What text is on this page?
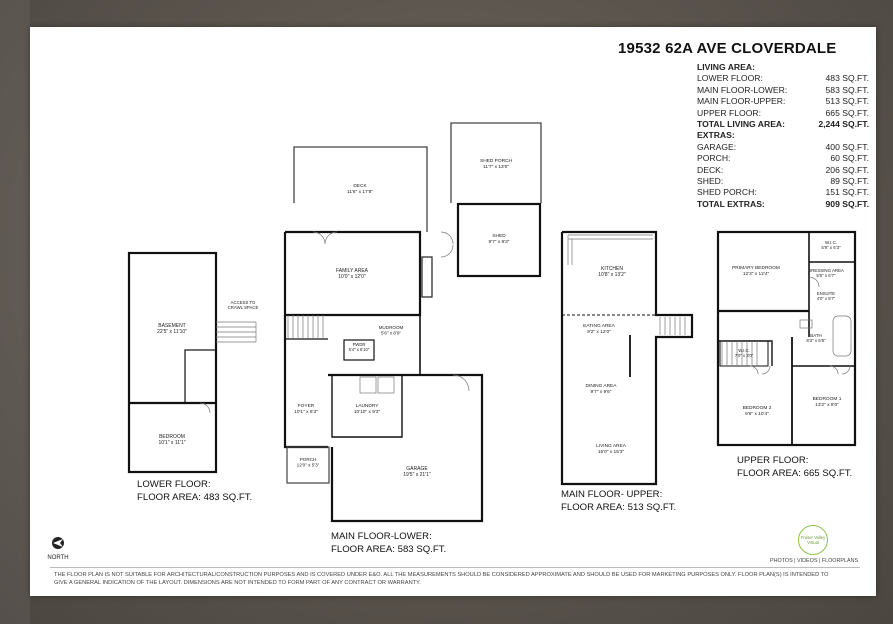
19532 62A AVE CLOVERDALE
LIVING AREA:
LOWER FLOOR:	483 SQ.FT.
MAIN FLOOR-LOWER:	583 SQ.FT.
MAIN FLOOR-UPPER:	513 SQ.FT.
UPPER FLOOR:	665 SQ.FT.
TOTAL LIVING AREA:	2,244 SQ.FT.
EXTRAS:
GARAGE:	400 SQ.FT.
PORCH:	60 SQ.FT.
DECK:	206 SQ.FT.
SHED:	89 SQ.FT.
SHED PORCH:	151 SQ.FT.
TOTAL EXTRAS:	909 SQ.FT.
BASEMENT 22'5" x 11'10"
ACCESS TO CRAWL SPACE
BEDROOM 10'1" x 11'1"
DECK 11'8" x 17'8"
SHED PORCH 11'7" x 13'0"
SHED 9'7" x 9'3"
FAMILY AREA 10'0" x 12'0"
MUDROOM 5'6" x 8'9"
PWDR 5'4" x 6'10"
FOYER 10'1" x 6'3"
LAUNDRY 10'10" x 9'3"
PORCH 12'0" x 5'3"
GARAGE 19'5" x 21'1"
KITCHEN 10'8" x 13'2"
EATING AREA 9'2" x 12'0"
DINING AREA 9'7" x 9'6"
LIVING AREA 15'0" x 15'3"
PRIMARY BEDROOM 12'3" x 12'4"
W.I.C. 5'9" x 6'3"
DRESSING AREA 5'6" x 6'7"
ENSUITE 4'0" x 5'7"
BATH 8'3" x 5'8"
W.I.C. 7'0" x 3'0"
BEDROOM 2 9'6" x 10'4"
BEDROOM 1 13'2" x 8'0"
LOWER FLOOR:
FLOOR AREA: 483 SQ.FT.
MAIN FLOOR-LOWER:
FLOOR AREA: 583 SQ.FT.
MAIN FLOOR- UPPER:
FLOOR AREA: 513 SQ.FT.
UPPER FLOOR:
FLOOR AREA: 665 SQ.FT.
NORTH
Fraser Valley
Virtual
PHOTOS | VIDEOS | FLOORPLANS
THE FLOOR PLAN IS NOT SUITABLE FOR ARCHITECTURAL/CONSTRUCTION PURPOSES AND IS COVERED UNDER E&O. ALL THE MEASUREMENTS SHOULD BE CONSIDERED APPROXIMATE AND SHOULD BE USED FOR MARKETING PURPOSES ONLY. FLOOR PLAN(S) IS INTENDED TO GIVE A GENERAL INDICATION OF THE LAYOUT. DIMENSIONS ARE NOT INTENDED TO FORM PART OF ANY CONTRACT OR WARRANTY.
